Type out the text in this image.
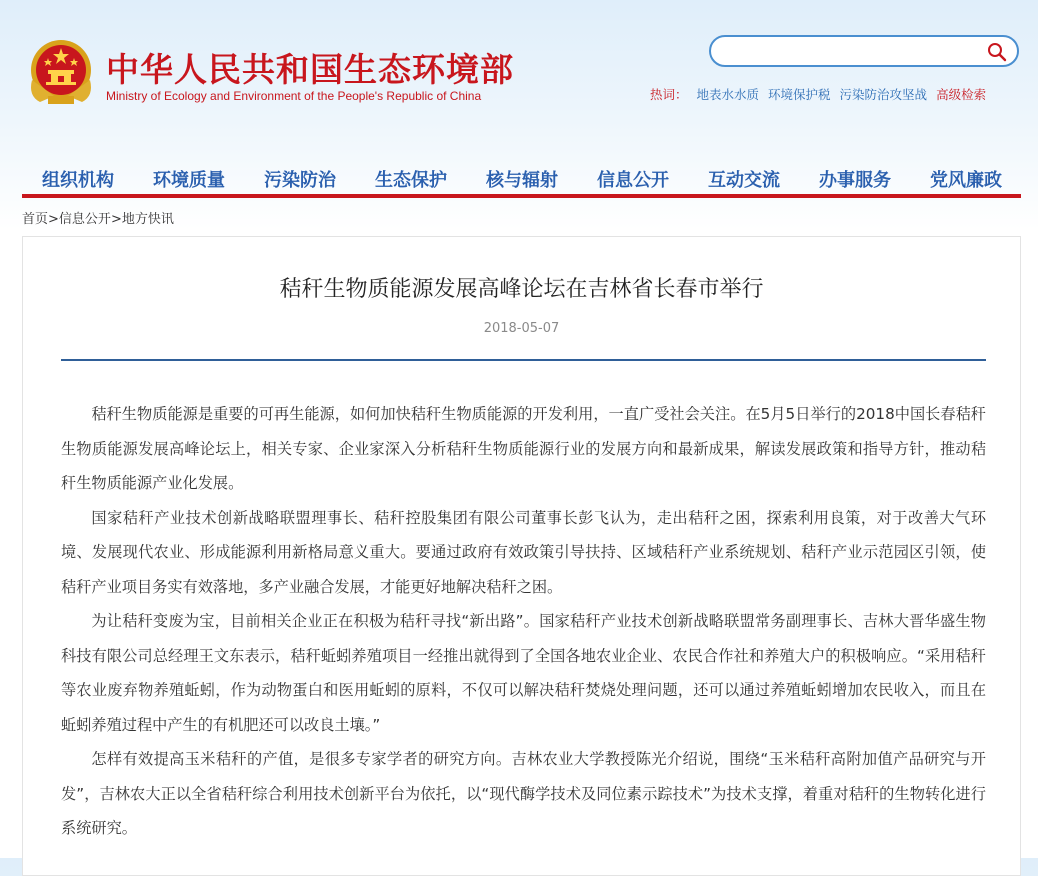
中华人民共和国生态环境部
Ministry of Ecology and Environment of the People's Republic of China	热词： 地表水水质 环境保护税 污染防治攻坚战 高级检索
组织机构 环境质量 污染防治 生态保护 核与辐射 信息公开 互动交流 办事服务 党风廉政
首页>信息公开>地方快讯
秸秆生物质能源发展高峰论坛在吉林省长春市举行
2018-05-07

秸秆生物质能源是重要的可再生能源，如何加快秸秆生物质能源的开发利用，一直广受社会关注。在5月5日举行的2018中国长春秸秆生物质能源发展高峰论坛上，相关专家、企业家深入分析秸秆生物质能源行业的发展方向和最新成果，解读发展政策和指导方针，推动秸秆生物质能源产业化发展。

国家秸秆产业技术创新战略联盟理事长、秸秆控股集团有限公司董事长彭飞认为，走出秸秆之困，探索利用良策，对于改善大气环境、发展现代农业、形成能源利用新格局意义重大。要通过政府有效政策引导扶持、区域秸秆产业系统规划、秸秆产业示范园区引领，使秸秆产业项目务实有效落地，多产业融合发展，才能更好地解决秸秆之困。

为让秸秆变废为宝，目前相关企业正在积极为秸秆寻找“新出路”。国家秸秆产业技术创新战略联盟常务副理事长、吉林大晋华盛生物科技有限公司总经理王文东表示，秸秆蚯蚓养殖项目一经推出就得到了全国各地农业企业、农民合作社和养殖大户的积极响应。“采用秸秆等农业废弃物养殖蚯蚓，作为动物蛋白和医用蚯蚓的原料，不仅可以解决秸秆焚烧处理问题，还可以通过养殖蚯蚓增加农民收入，而且在蚯蚓养殖过程中产生的有机肥还可以改良土壤。”

怎样有效提高玉米秸秆的产值，是很多专家学者的研究方向。吉林农业大学教授陈光介绍说，围绕“玉米秸秆高附加值产品研究与开发”，吉林农大正以全省秸秆综合利用技术创新平台为依托，以“现代酶学技术及同位素示踪技术”为技术支撑，着重对秸秆的生物转化进行系统研究。
